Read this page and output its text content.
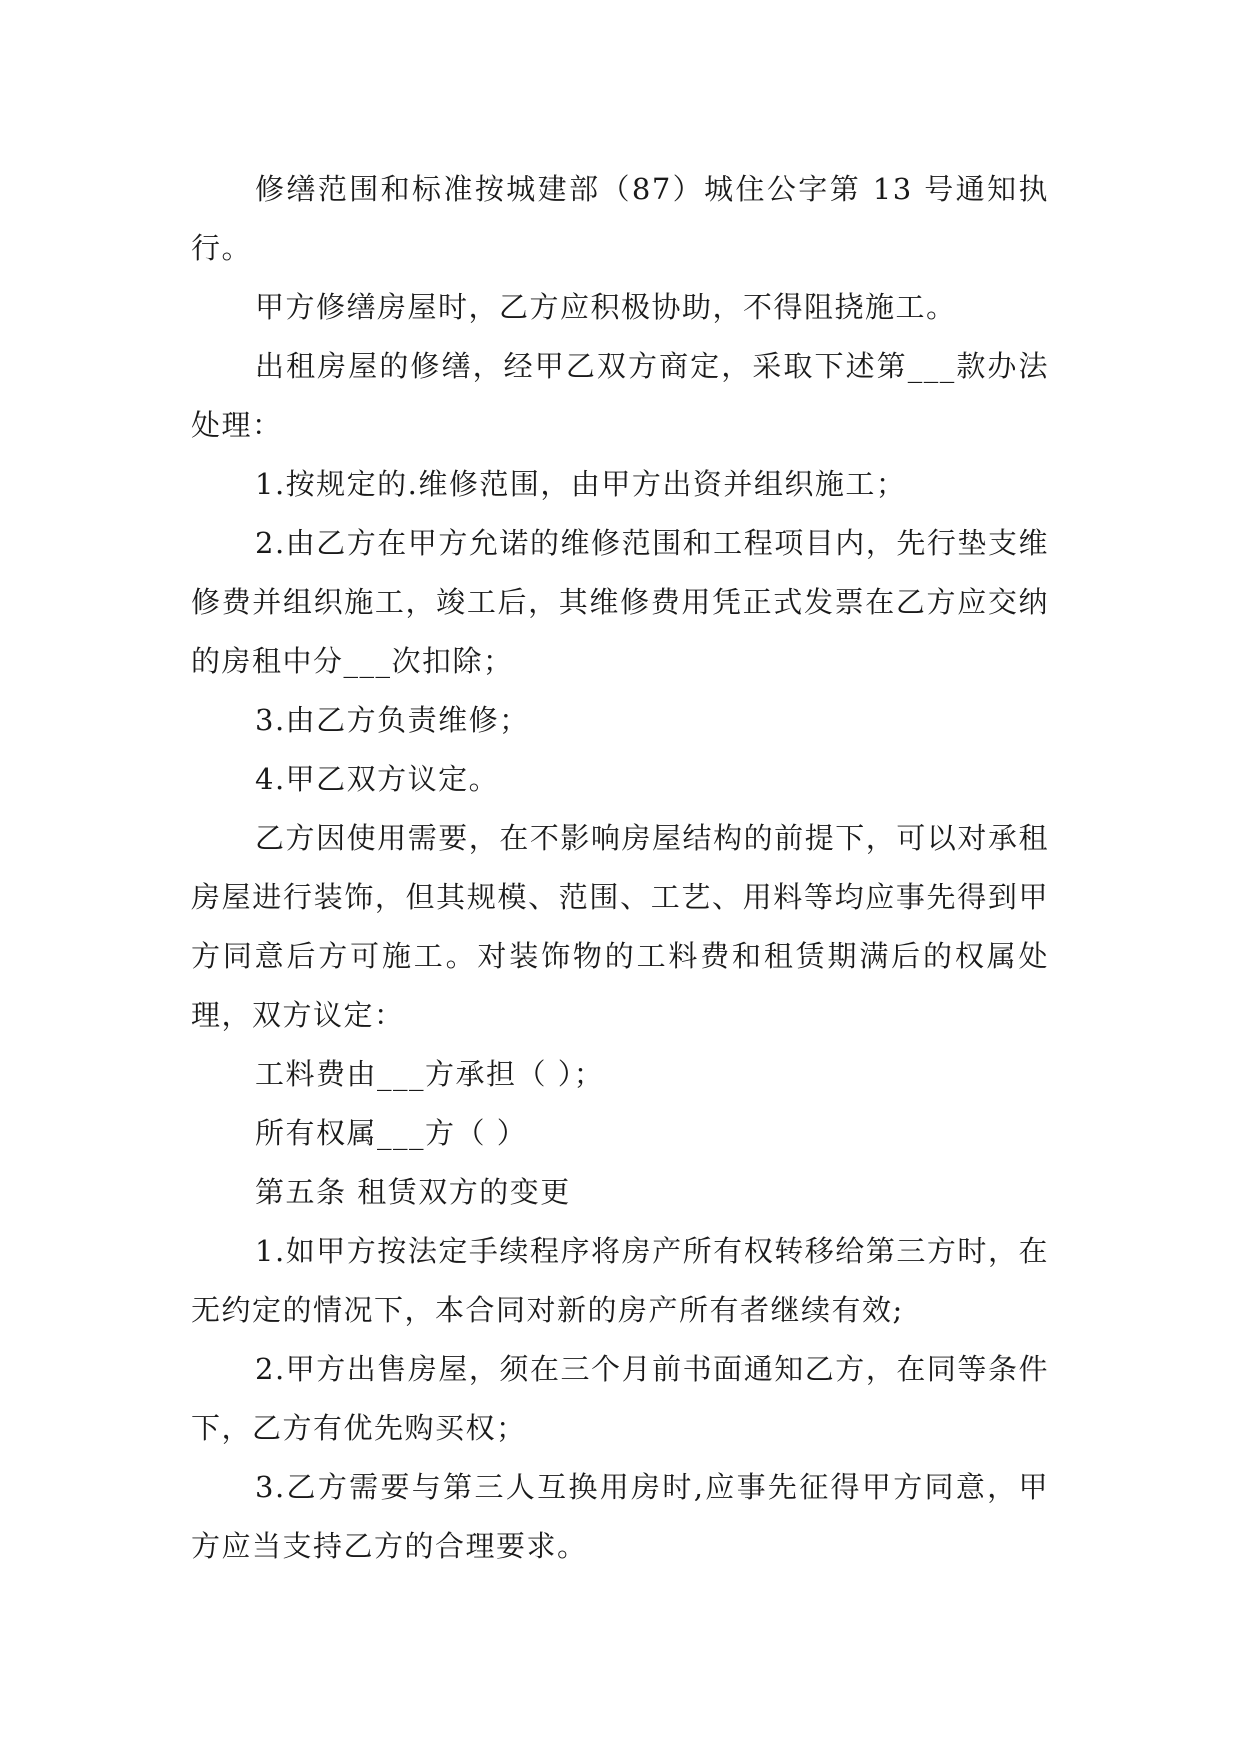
修缮范围和标准按城建部（87）城住公字第 13 号通知执行。

甲方修缮房屋时，乙方应积极协助，不得阻挠施工。

出租房屋的修缮，经甲乙双方商定，采取下述第___款办法处理：

1.按规定的.维修范围，由甲方出资并组织施工；

2.由乙方在甲方允诺的维修范围和工程项目内，先行垫支维修费并组织施工，竣工后，其维修费用凭正式发票在乙方应交纳的房租中分___次扣除；

3.由乙方负责维修；

4.甲乙双方议定。

乙方因使用需要，在不影响房屋结构的前提下，可以对承租房屋进行装饰，但其规模、范围、工艺、用料等均应事先得到甲方同意后方可施工。对装饰物的工料费和租赁期满后的权属处理，双方议定：

工料费由___方承担（ ）；

所有权属___方（ ）

第五条 租赁双方的变更

1.如甲方按法定手续程序将房产所有权转移给第三方时，在无约定的情况下，本合同对新的房产所有者继续有效;

2.甲方出售房屋，须在三个月前书面通知乙方，在同等条件下，乙方有优先购买权；

3.乙方需要与第三人互换用房时,应事先征得甲方同意，甲方应当支持乙方的合理要求。
